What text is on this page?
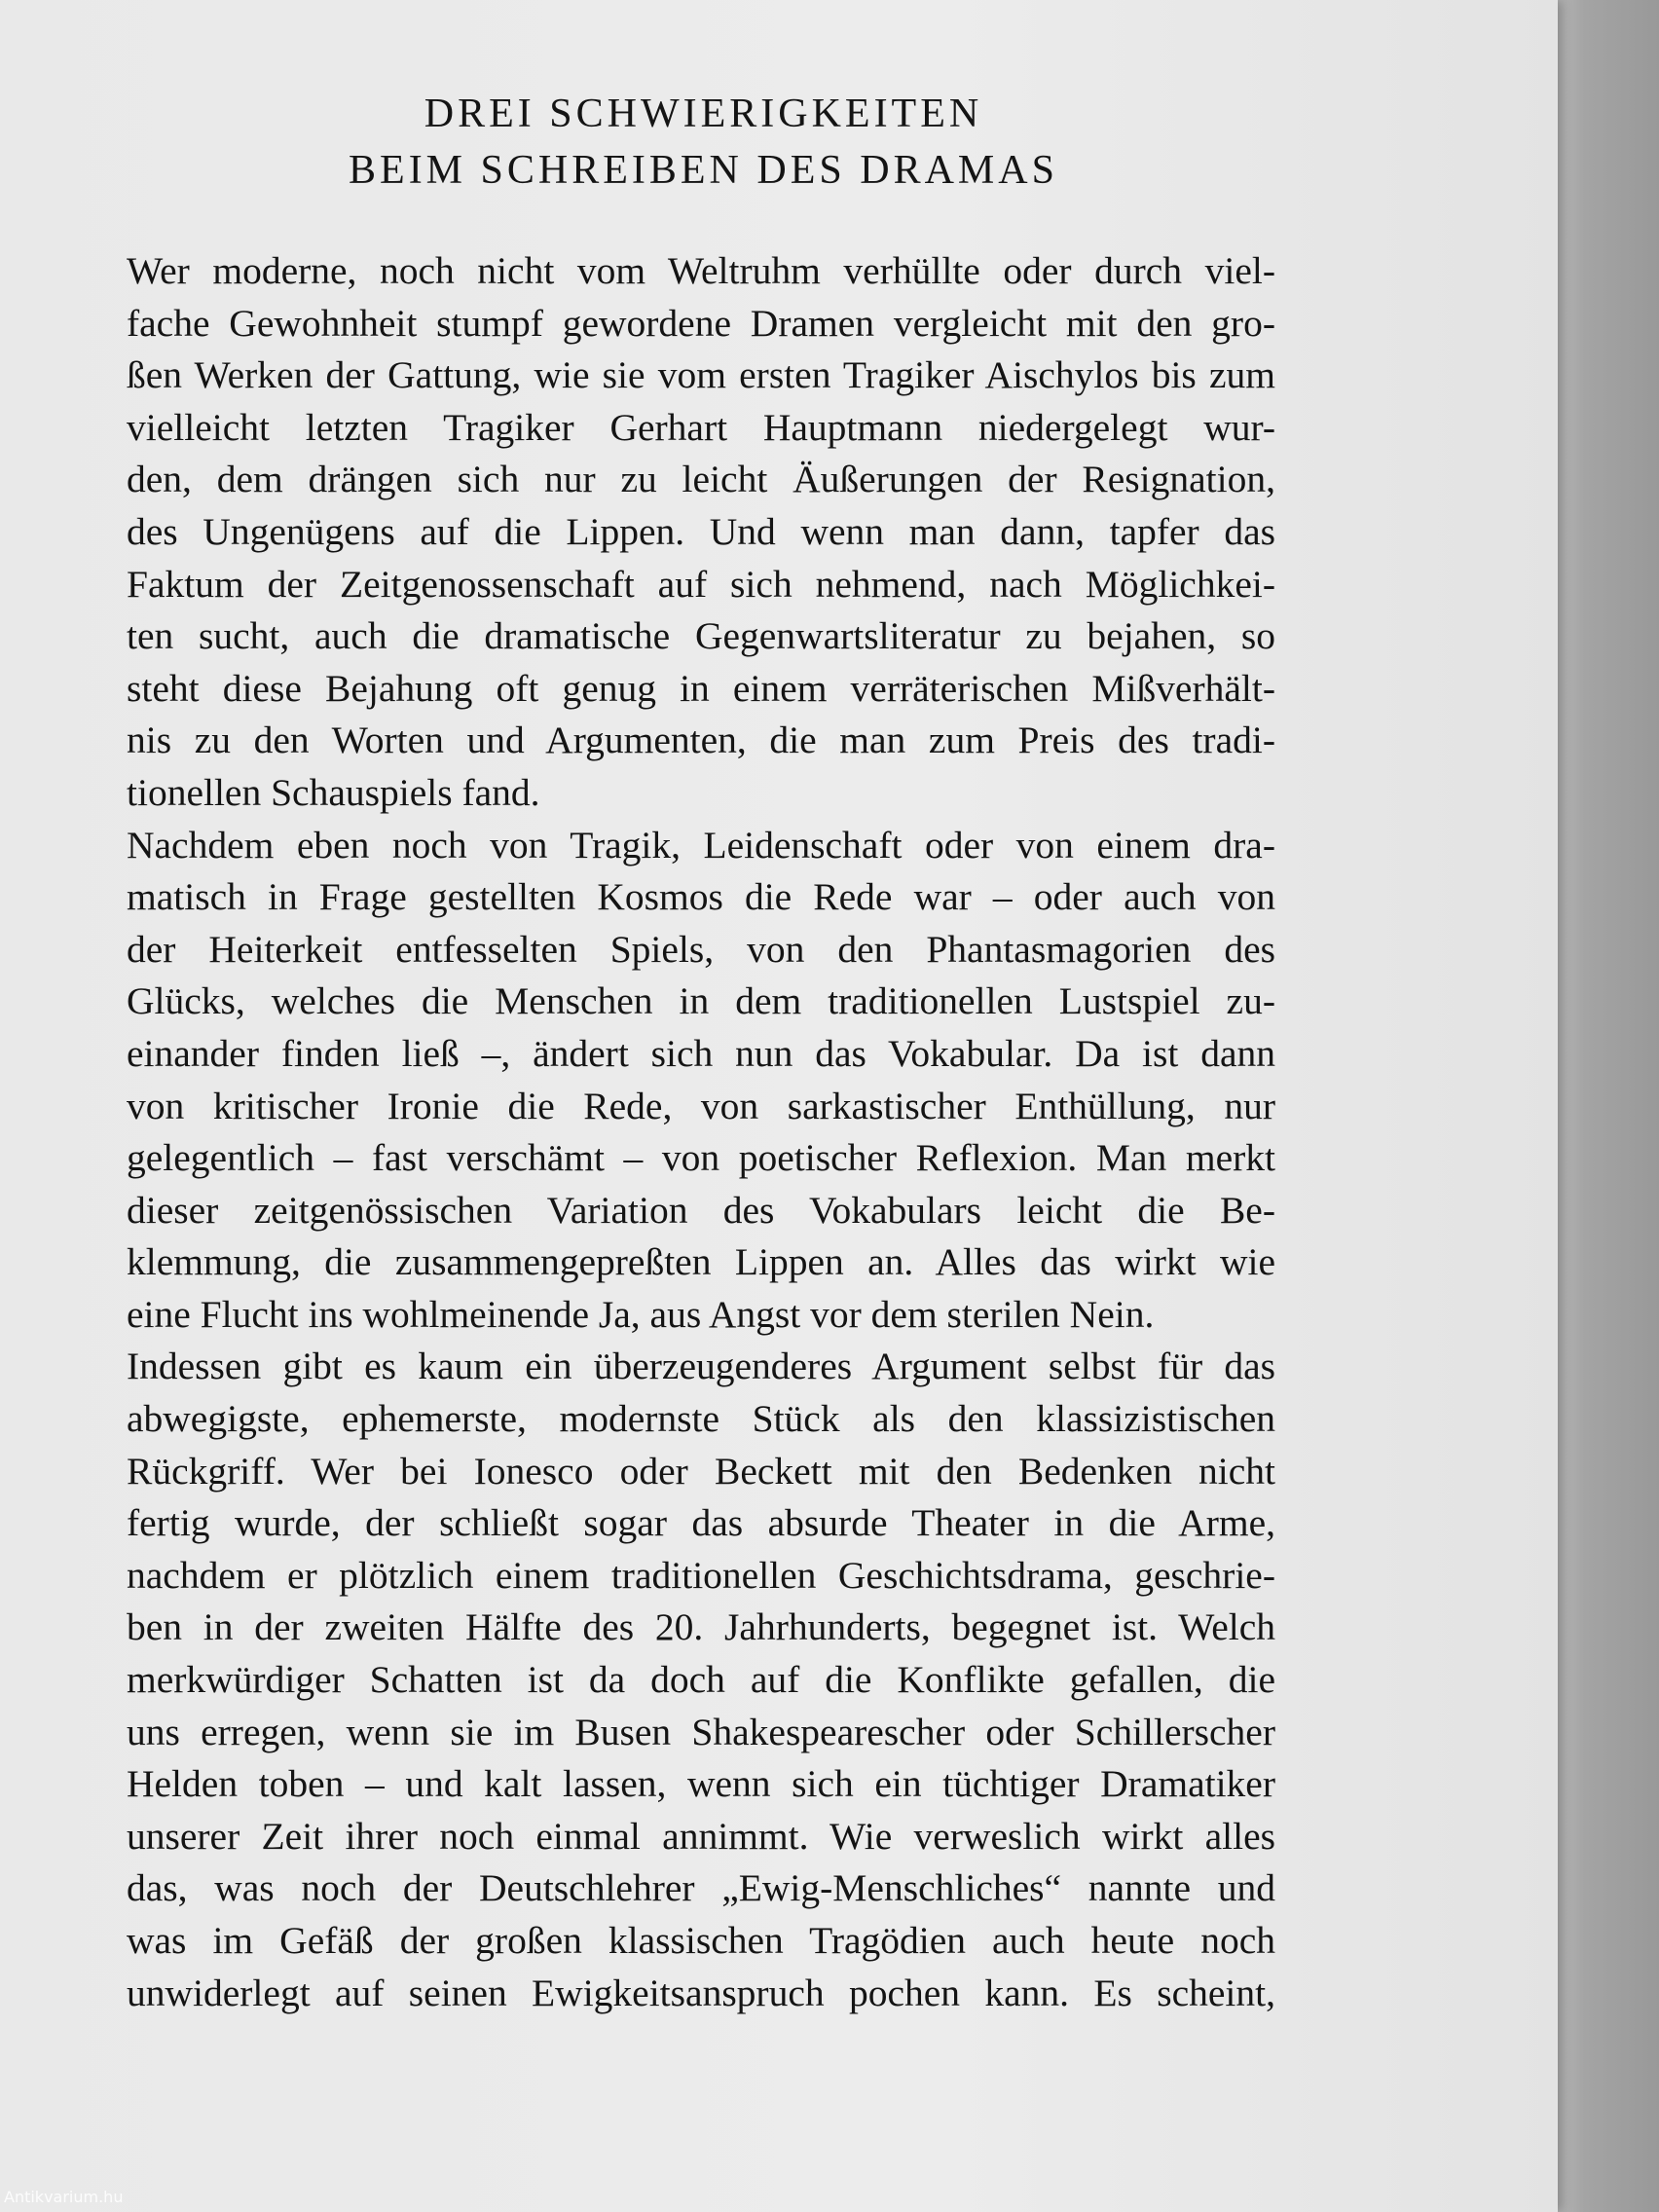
DREI SCHWIERIGKEITEN
BEIM SCHREIBEN DES DRAMAS
Wer moderne, noch nicht vom Weltruhm verhüllte oder durch viel-
fache Gewohnheit stumpf gewordene Dramen vergleicht mit den gro-
ßen Werken der Gattung, wie sie vom ersten Tragiker Aischylos bis zum
vielleicht letzten Tragiker Gerhart Hauptmann niedergelegt wur-
den, dem drängen sich nur zu leicht Äußerungen der Resignation,
des Ungenügens auf die Lippen. Und wenn man dann, tapfer das
Faktum der Zeitgenossenschaft auf sich nehmend, nach Möglichkei-
ten sucht, auch die dramatische Gegenwartsliteratur zu bejahen, so
steht diese Bejahung oft genug in einem verräterischen Mißverhält-
nis zu den Worten und Argumenten, die man zum Preis des tradi-
tionellen Schauspiels fand.
Nachdem eben noch von Tragik, Leidenschaft oder von einem dra-
matisch in Frage gestellten Kosmos die Rede war – oder auch von
der Heiterkeit entfesselten Spiels, von den Phantasmagorien des
Glücks, welches die Menschen in dem traditionellen Lustspiel zu-
einander finden ließ –, ändert sich nun das Vokabular. Da ist dann
von kritischer Ironie die Rede, von sarkastischer Enthüllung, nur
gelegentlich – fast verschämt – von poetischer Reflexion. Man merkt
dieser zeitgenössischen Variation des Vokabulars leicht die Be-
klemmung, die zusammengepreßten Lippen an. Alles das wirkt wie
eine Flucht ins wohlmeinende Ja, aus Angst vor dem sterilen Nein.
Indessen gibt es kaum ein überzeugenderes Argument selbst für das
abwegigste, ephemerste, modernste Stück als den klassizistischen
Rückgriff. Wer bei Ionesco oder Beckett mit den Bedenken nicht
fertig wurde, der schließt sogar das absurde Theater in die Arme,
nachdem er plötzlich einem traditionellen Geschichtsdrama, geschrie-
ben in der zweiten Hälfte des 20. Jahrhunderts, begegnet ist. Welch
merkwürdiger Schatten ist da doch auf die Konflikte gefallen, die
uns erregen, wenn sie im Busen Shakespearescher oder Schillerscher
Helden toben – und kalt lassen, wenn sich ein tüchtiger Dramatiker
unserer Zeit ihrer noch einmal annimmt. Wie verweslich wirkt alles
das, was noch der Deutschlehrer „Ewig-Menschliches“ nannte und
was im Gefäß der großen klassischen Tragödien auch heute noch
unwiderlegt auf seinen Ewigkeitsanspruch pochen kann. Es scheint,
Antikvarium.hu
